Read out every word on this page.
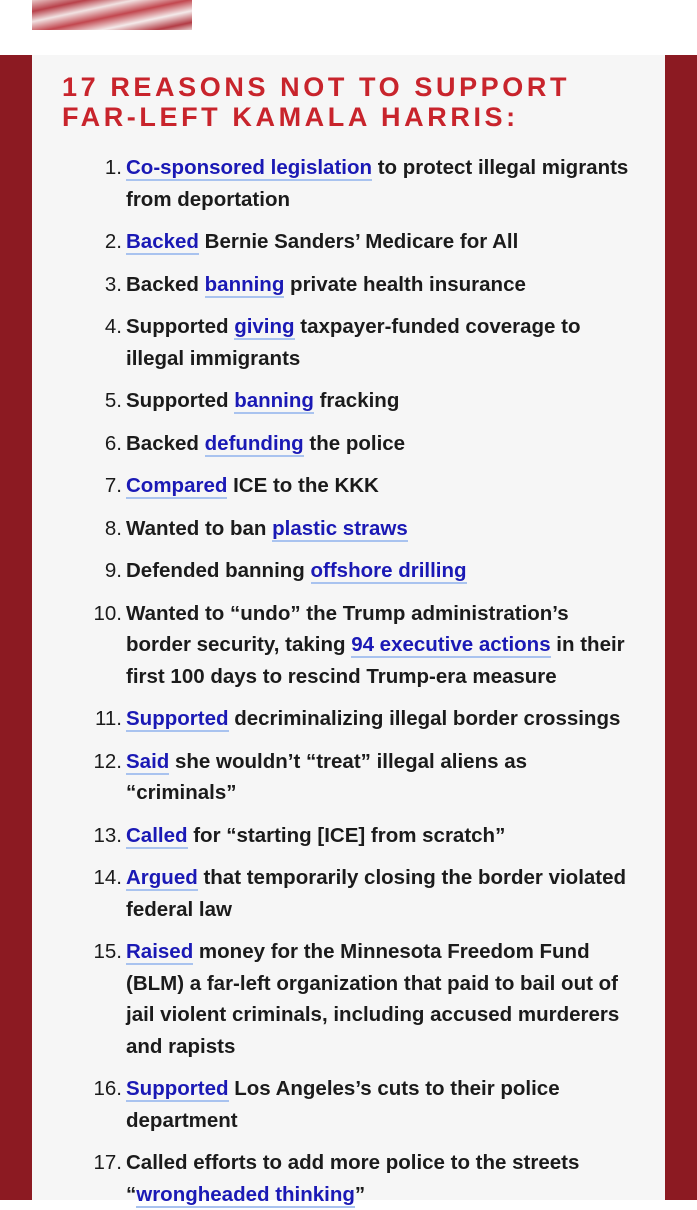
17 REASONS NOT TO SUPPORT
FAR-LEFT KAMALA HARRIS:
1. Co-sponsored legislation to protect illegal migrants from deportation
2. Backed Bernie Sanders’ Medicare for All
3. Backed banning private health insurance
4. Supported giving taxpayer-funded coverage to illegal immigrants
5. Supported banning fracking
6. Backed defunding the police
7. Compared ICE to the KKK
8. Wanted to ban plastic straws
9. Defended banning offshore drilling
10. Wanted to “undo” the Trump administration’s border security, taking 94 executive actions in their first 100 days to rescind Trump-era measure
11. Supported decriminalizing illegal border crossings
12. Said she wouldn’t “treat” illegal aliens as “criminals”
13. Called for “starting [ICE] from scratch”
14. Argued that temporarily closing the border violated federal law
15. Raised money for the Minnesota Freedom Fund (BLM) a far-left organization that paid to bail out of jail violent criminals, including accused murderers and rapists
16. Supported Los Angeles’s cuts to their police department
17. Called efforts to add more police to the streets “wrongheaded thinking”
